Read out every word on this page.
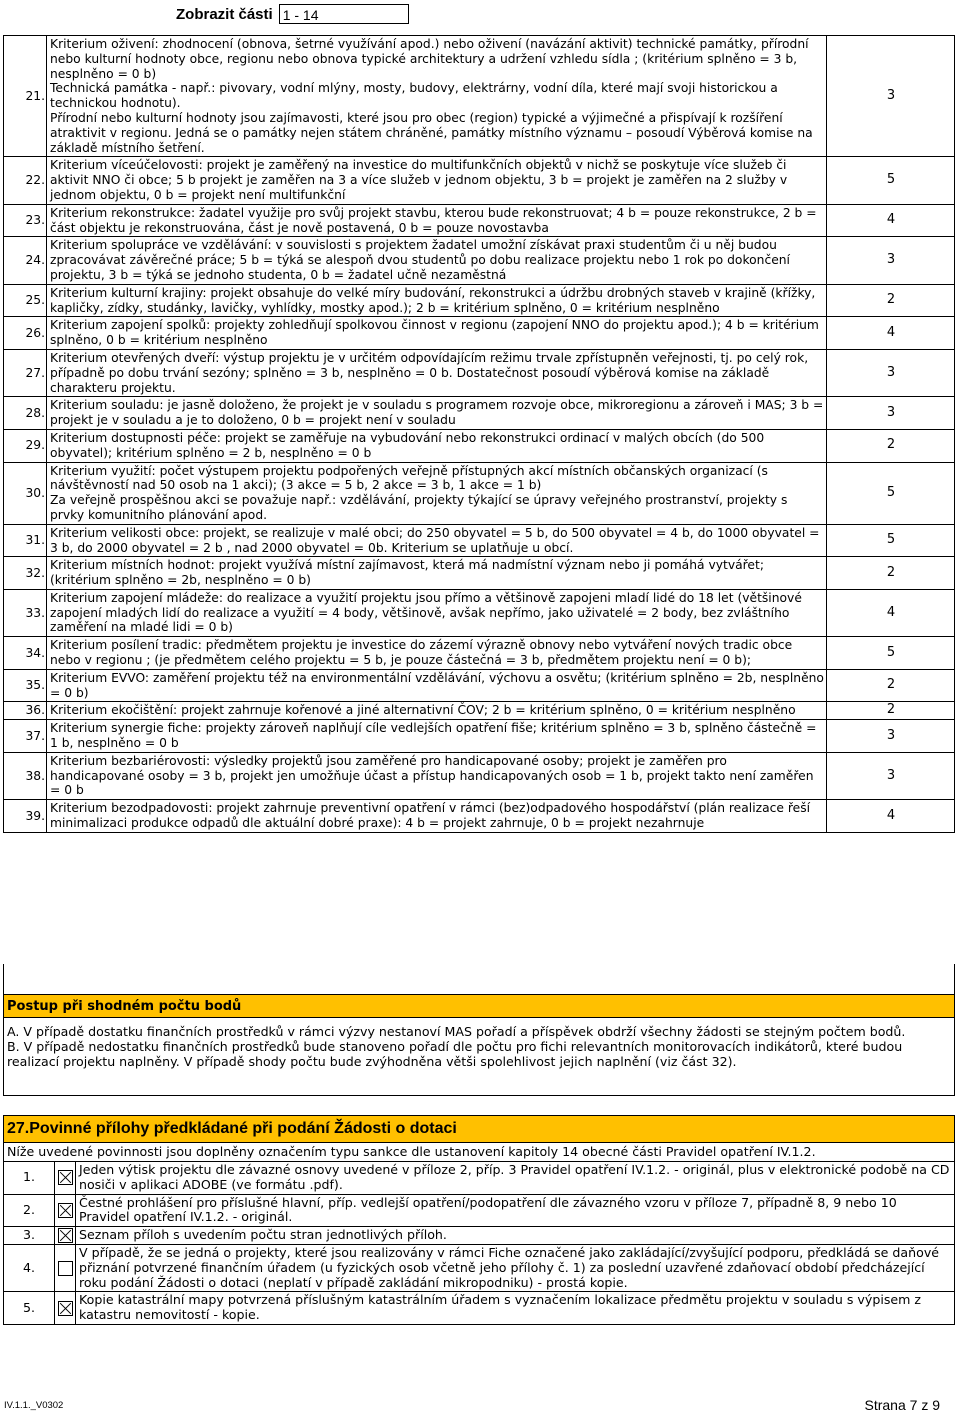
Zobrazit části 1 - 14
21.	Kriterium oživení: zhodnocení (obnova, šetrné využívání apod.) nebo oživení (navázání aktivit) technické památky, přírodní nebo kulturní hodnoty obce, regionu nebo obnova typické architektury a udržení vzhledu sídla ; (kritérium splněno = 3 b, nesplněno = 0 b)
Technická památka - např.: pivovary, vodní mlýny, mosty, budovy, elektrárny, vodní díla, které mají svoji historickou a technickou hodnotu).
Přírodní nebo kulturní hodnoty jsou zajímavosti, které jsou pro obec (region) typické a výjimečné a přispívají k rozšíření atraktivit v regionu. Jedná se o památky nejen státem chráněné, památky místního významu – posoudí Výběrová komise na základě místního šetření.	3
22.	Kriterium víceúčelovosti: projekt je zaměřený na investice do multifunkčních objektů v nichž se poskytuje více služeb či aktivit NNO či obce; 5 b projekt je zaměřen na 3 a více služeb v jednom objektu, 3 b = projekt je zaměřen na 2 služby v jednom objektu, 0 b = projekt není multifunkční	5
23.	Kriterium rekonstrukce: žadatel využije pro svůj projekt stavbu, kterou bude rekonstruovat; 4 b = pouze rekonstrukce, 2 b = část objektu je rekonstruována, část je nově postavená, 0 b = pouze novostavba	4
24.	Kriterium spolupráce ve vzdělávání: v souvislosti s projektem žadatel umožní získávat praxi studentům či u něj budou zpracovávat závěrečné práce; 5 b = týká se alespoň dvou studentů po dobu realizace projektu nebo 1 rok po dokončení projektu, 3 b = týká se jednoho studenta, 0 b = žadatel učně nezaměstná	3
25.	Kriterium kulturní krajiny: projekt obsahuje do velké míry budování, rekonstrukci a údržbu drobných staveb v krajině (křížky, kapličky, zídky, studánky, lavičky, vyhlídky, mostky apod.); 2 b = kritérium splněno, 0 = kritérium nesplněno	2
26.	Kriterium zapojení spolků: projekty zohledňují spolkovou činnost v regionu (zapojení NNO do projektu apod.); 4 b = kritérium splněno, 0 b = kritérium nesplněno	4
27.	Kriterium otevřených dveří: výstup projektu je v určitém odpovídajícím režimu trvale zpřístupněn veřejnosti, tj. po celý rok, případně po dobu trvání sezóny; splněno = 3 b, nesplněno = 0 b. Dostatečnost posoudí výběrová komise na základě charakteru projektu.	3
28.	Kriterium souladu: je jasně doloženo, že projekt je v souladu s programem rozvoje obce, mikroregionu a zároveň i MAS; 3 b = projekt je v souladu a je to doloženo, 0 b = projekt není v souladu	3
29.	Kriterium dostupnosti péče: projekt se zaměřuje na vybudování nebo rekonstrukci ordinací v malých obcích (do 500 obyvatel); kritérium splněno = 2 b, nesplněno = 0 b	2
30.	Kriterium využití: počet výstupem projektu podpořených veřejně přístupných akcí místních občanských organizací (s návštěvností nad 50 osob na 1 akci); (3 akce = 5 b, 2 akce = 3 b, 1 akce = 1 b)
Za veřejně prospěšnou akci se považuje např.: vzdělávání, projekty týkající se úpravy veřejného prostranství, projekty s prvky komunitního plánování apod.	5
31.	Kriterium velikosti obce: projekt, se realizuje v malé obci; do 250 obyvatel = 5 b, do 500 obyvatel = 4 b, do 1000 obyvatel = 3 b, do 2000 obyvatel = 2 b , nad 2000 obyvatel = 0b. Kriterium se uplatňuje u obcí.	5
32.	Kriterium místních hodnot: projekt využívá místní zajímavost, která má nadmístní význam nebo ji pomáhá vytvářet; (kritérium splněno = 2b, nesplněno = 0 b)	2
33.	Kriterium zapojení mládeže: do realizace a využití projektu jsou přímo a většinově zapojeni mladí lidé do 18 let (většinové zapojení mladých lidí do realizace a využití = 4 body, většinově, avšak nepřímo, jako uživatelé = 2 body, bez zvláštního zaměření na mladé lidi = 0 b)	4
34.	Kriterium posílení tradic: předmětem projektu je investice do zázemí výrazně obnovy nebo vytváření nových tradic obce nebo v regionu ; (je předmětem celého projektu = 5 b, je pouze částečná = 3 b, předmětem projektu není = 0 b);	5
35.	Kriterium EVVO: zaměření projektu též na environmentální vzdělávání, výchovu a osvětu; (kritérium splněno = 2b, nesplněno = 0 b)	2
36.	Kriterium ekočištění: projekt zahrnuje kořenové a jiné alternativní ČOV; 2 b = kritérium splněno, 0 = kritérium nesplněno	2
37.	Kriterium synergie fiche: projekty zároveň naplňují cíle vedlejších opatření fiše; kritérium splněno = 3 b, splněno částečně = 1 b, nesplněno = 0 b	3
38.	Kriterium bezbariérovosti: výsledky projektů jsou zaměřené pro handicapované osoby; projekt je zaměřen pro handicapované osoby = 3 b, projekt jen umožňuje účast a přístup handicapovaných osob = 1 b, projekt takto není zaměřen = 0 b	3
39.	Kriterium bezodpadovosti: projekt zahrnuje preventivní opatření v rámci (bez)odpadového hospodářství (plán realizace řeší minimalizaci produkce odpadů dle aktuální dobré praxe): 4 b = projekt zahrnuje, 0 b = projekt nezahrnuje	4
Postup při shodném počtu bodů

A. V případě dostatku finančních prostředků v rámci výzvy nestanoví MAS pořadí a příspěvek obdrží všechny žádosti se stejným počtem bodů.
B. V případě nedostatku finančních prostředků bude stanoveno pořadí dle počtu pro fichi relevantních monitorovacích indikátorů, které budou realizací projektu naplněny. V případě shody počtu bude zvýhodněna větši spolehlivost jejich naplnění (viz část 32).
27.Povinné přílohy předkládané při podání Žádosti o dotaci		
Níže uvedené povinnosti jsou doplněny označením typu sankce dle ustanovení kapitoly 14 obecné části Pravidel opatření IV.1.2.		
1.		Jeden výtisk projektu dle závazné osnovy uvedené v příloze 2, příp. 3 Pravidel opatření IV.1.2. - originál, plus v elektronické podobě na CD nosiči v aplikaci ADOBE (ve formátu .pdf).
2.		Čestné prohlášení pro příslušné hlavní, příp. vedlejší opatření/podopatření dle závazného vzoru v příloze 7, případně 8, 9 nebo 10 Pravidel opatření IV.1.2. - originál.
3.		Seznam příloh s uvedením počtu stran jednotlivých příloh.
4.		V případě, že se jedná o projekty, které jsou realizovány v rámci Fiche označené jako zakládající/zvyšující podporu, předkládá se daňové přiznání potvrzené finančním úřadem (u fyzických osob včetně jeho přílohy č. 1) za poslední uzavřené zdaňovací období předcházející roku podání Žádosti o dotaci (neplatí v případě zakládání mikropodniku) - prostá kopie.
5.		Kopie katastrální mapy potvrzená příslušným katastrálním úřadem s vyznačením lokalizace předmětu projektu v souladu s výpisem z katastru nemovitostí - kopie.
IV.1.1._V0302	Strana 7 z 9
